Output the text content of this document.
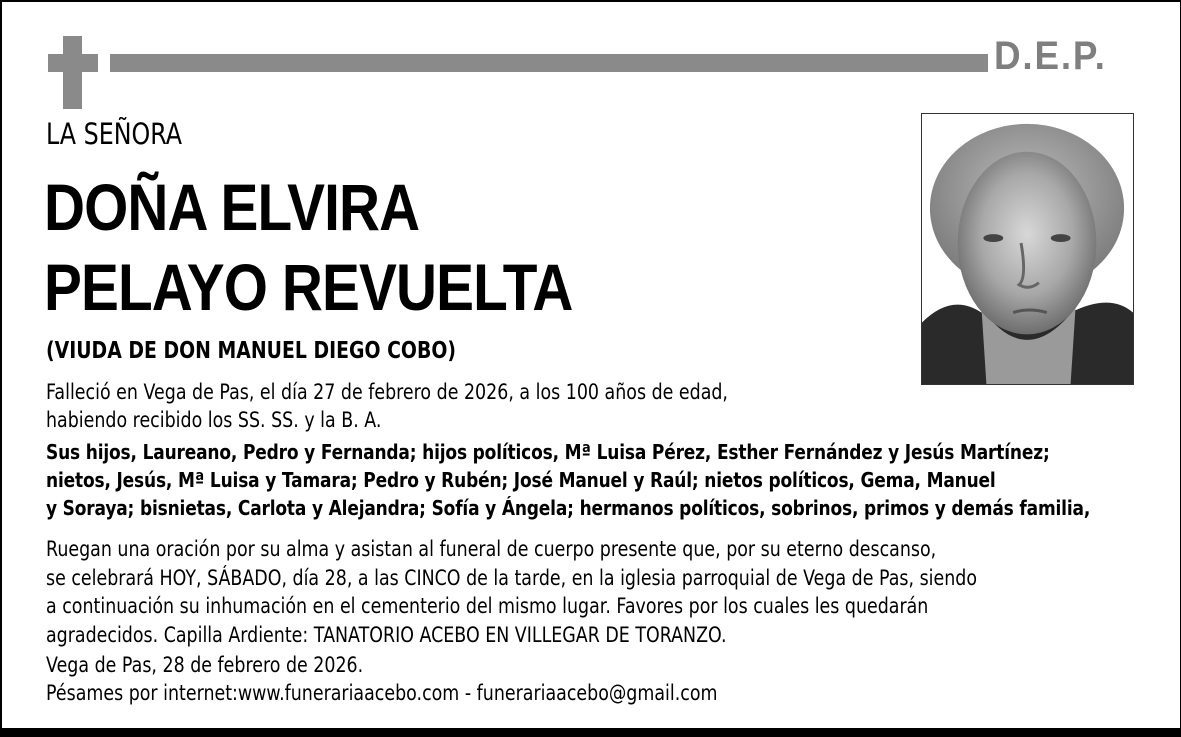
D.E.P.
LA SEÑORA
DOÑA ELVIRA
PELAYO REVUELTA
(VIUDA DE DON MANUEL DIEGO COBO)
Falleció en Vega de Pas, el día 27 de febrero de 2026, a los 100 años de edad,
habiendo recibido los SS. SS. y la B. A.
Sus hijos, Laureano, Pedro y Fernanda; hijos políticos, Mª Luisa Pérez, Esther Fernández y Jesús Martínez;
nietos, Jesús, Mª Luisa y Tamara; Pedro y Rubén; José Manuel y Raúl; nietos políticos, Gema, Manuel
y Soraya; bisnietas, Carlota y Alejandra; Sofía y Ángela; hermanos políticos, sobrinos, primos y demás familia,
Ruegan una oración por su alma y asistan al funeral de cuerpo presente que, por su eterno descanso,
se celebrará HOY, SÁBADO, día 28, a las CINCO de la tarde, en la iglesia parroquial de Vega de Pas, siendo
a continuación su inhumación en el cementerio del mismo lugar. Favores por los cuales les quedarán
agradecidos. Capilla Ardiente: TANATORIO ACEBO EN VILLEGAR DE TORANZO.
Vega de Pas, 28 de febrero de 2026.
Pésames por internet:www.funerariaacebo.com - funerariaacebo@gmail.com
